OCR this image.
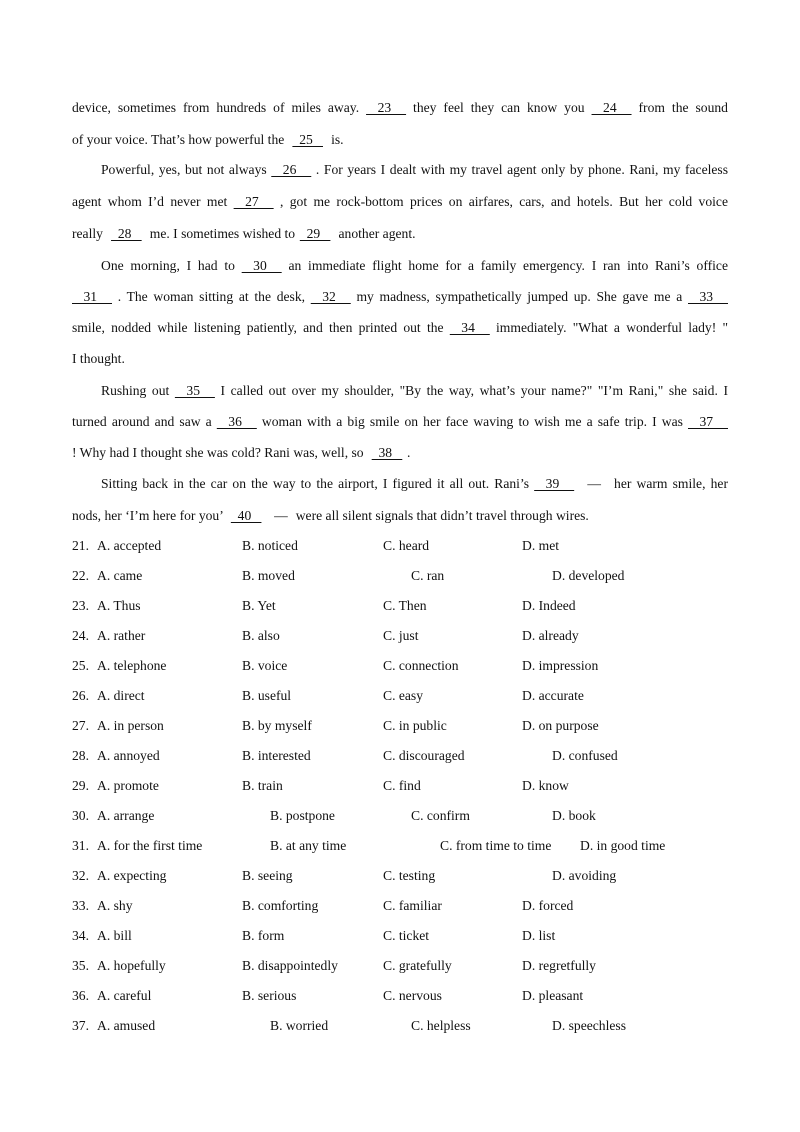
device, sometimes from hundreds of miles away.   23    they feel they can know you   24    from the sound
of your voice. That’s how powerful the   25    is.
Powerful, yes, but not always   26    . For years I dealt with my travel agent only by phone. Rani, my faceless
agent whom I’d never met   27    , got me rock-bottom prices on airfares, cars, and hotels. But her cold voice
really   28    me. I sometimes wished to  29    another agent.
One morning, I had to   30    an immediate flight home for a family emergency. I ran into Rani’s office
31    . The woman sitting at the desk,   32    my madness, sympathetically jumped up. She gave me a   33
smile, nodded while listening patiently, and then printed out the   34    immediately. "What a wonderful lady! "
I thought.
Rushing out   35    I called out over my shoulder, "By the way, what’s your name?" "I’m Rani," she said. I
turned around and saw a   36    woman with a big smile on her face waving to wish me a safe trip. I was   37
! Why had I thought she was cold? Rani was, well, so   38   .
Sitting back in the car on the way to the airport, I figured it all out. Rani’s   39    — her warm smile, her
nods, her ‘I’m here for you’   40   — were all silent signals that didn’t travel through wires.
21. A. accepted	B. noticed	C. heard	D. met
22. A. came	B. moved	C. ran	D. developed
23. A. Thus	B. Yet	C. Then	D. Indeed
24. A. rather	B. also	C. just	D. already
25. A. telephone	B. voice	C. connection	D. impression
26. A. direct	B. useful	C. easy	D. accurate
27. A. in person	B. by myself	C. in public	D. on purpose
28. A. annoyed	B. interested	C. discouraged	D. confused
29. A. promote	B. train	C. find	D. know
30. A. arrange	B. postpone	C. confirm	D. book
31. A. for the first time	B. at any time	C. from time to time D. in good time
32. A. expecting	B. seeing	C. testing	D. avoiding
33. A. shy	B. comforting	C. familiar	D. forced
34. A. bill	B. form	C. ticket	D. list
35. A. hopefully	B. disappointedly	C. gratefully	D. regretfully
36. A. careful	B. serious	C. nervous	D. pleasant
37. A. amused	B. worried	C. helpless	D. speechless
